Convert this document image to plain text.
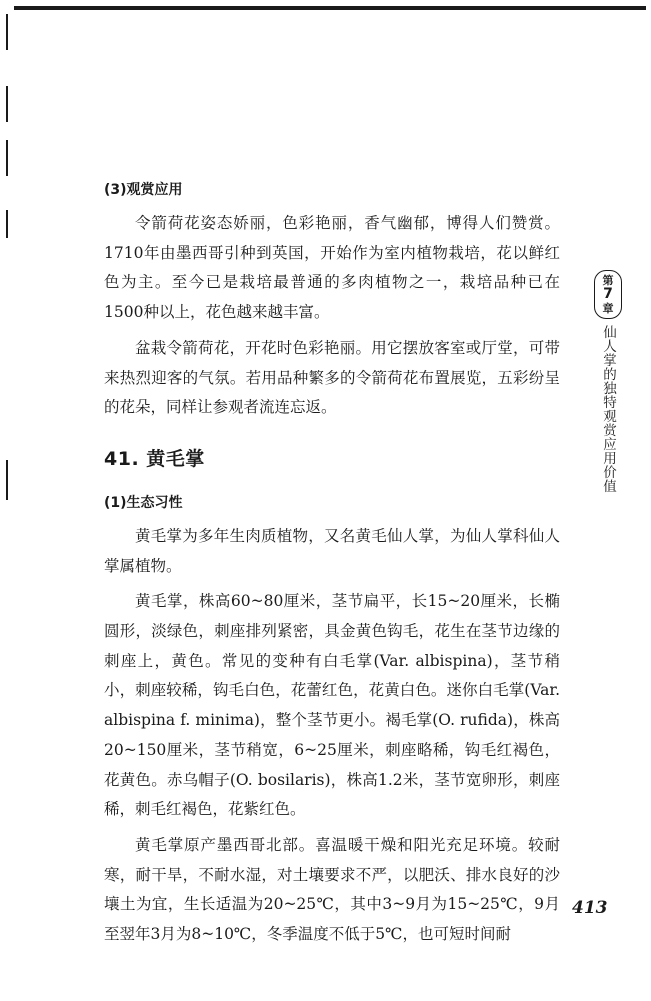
(3)观赏应用

令箭荷花姿态娇丽，色彩艳丽，香气幽郁，博得人们赞赏。1710年由墨西哥引种到英国，开始作为室内植物栽培，花以鲜红色为主。至今已是栽培最普通的多肉植物之一，栽培品种已在1500种以上，花色越来越丰富。

盆栽令箭荷花，开花时色彩艳丽。用它摆放客室或厅堂，可带来热烈迎客的气氛。若用品种繁多的令箭荷花布置展览，五彩纷呈的花朵，同样让参观者流连忘返。

41. 黄毛掌
(1)生态习性

黄毛掌为多年生肉质植物，又名黄毛仙人掌，为仙人掌科仙人掌属植物。

黄毛掌，株高60~80厘米，茎节扁平，长15~20厘米，长椭圆形，淡绿色，刺座排列紧密，具金黄色钩毛，花生在茎节边缘的刺座上，黄色。常见的变种有白毛掌(Var. albispina)，茎节稍小，刺座较稀，钩毛白色，花蕾红色，花黄白色。迷你白毛掌(Var. albispina f. minima)，整个茎节更小。褐毛掌(O. rufida)，株高20~150厘米，茎节稍宽，6~25厘米，刺座略稀，钩毛红褐色，花黄色。赤乌帽子(O. bosilaris)，株高1.2米，茎节宽卵形，刺座稀，刺毛红褐色，花紫红色。

黄毛掌原产墨西哥北部。喜温暖干燥和阳光充足环境。较耐寒，耐干旱，不耐水湿，对土壤要求不严，以肥沃、排水良好的沙壤土为宜，生长适温为20~25℃，其中3~9月为15~25℃，9月至翌年3月为8~10℃，冬季温度不低于5℃，也可短时间耐

第
7
章
仙人掌的独特观赏应用价值
413
